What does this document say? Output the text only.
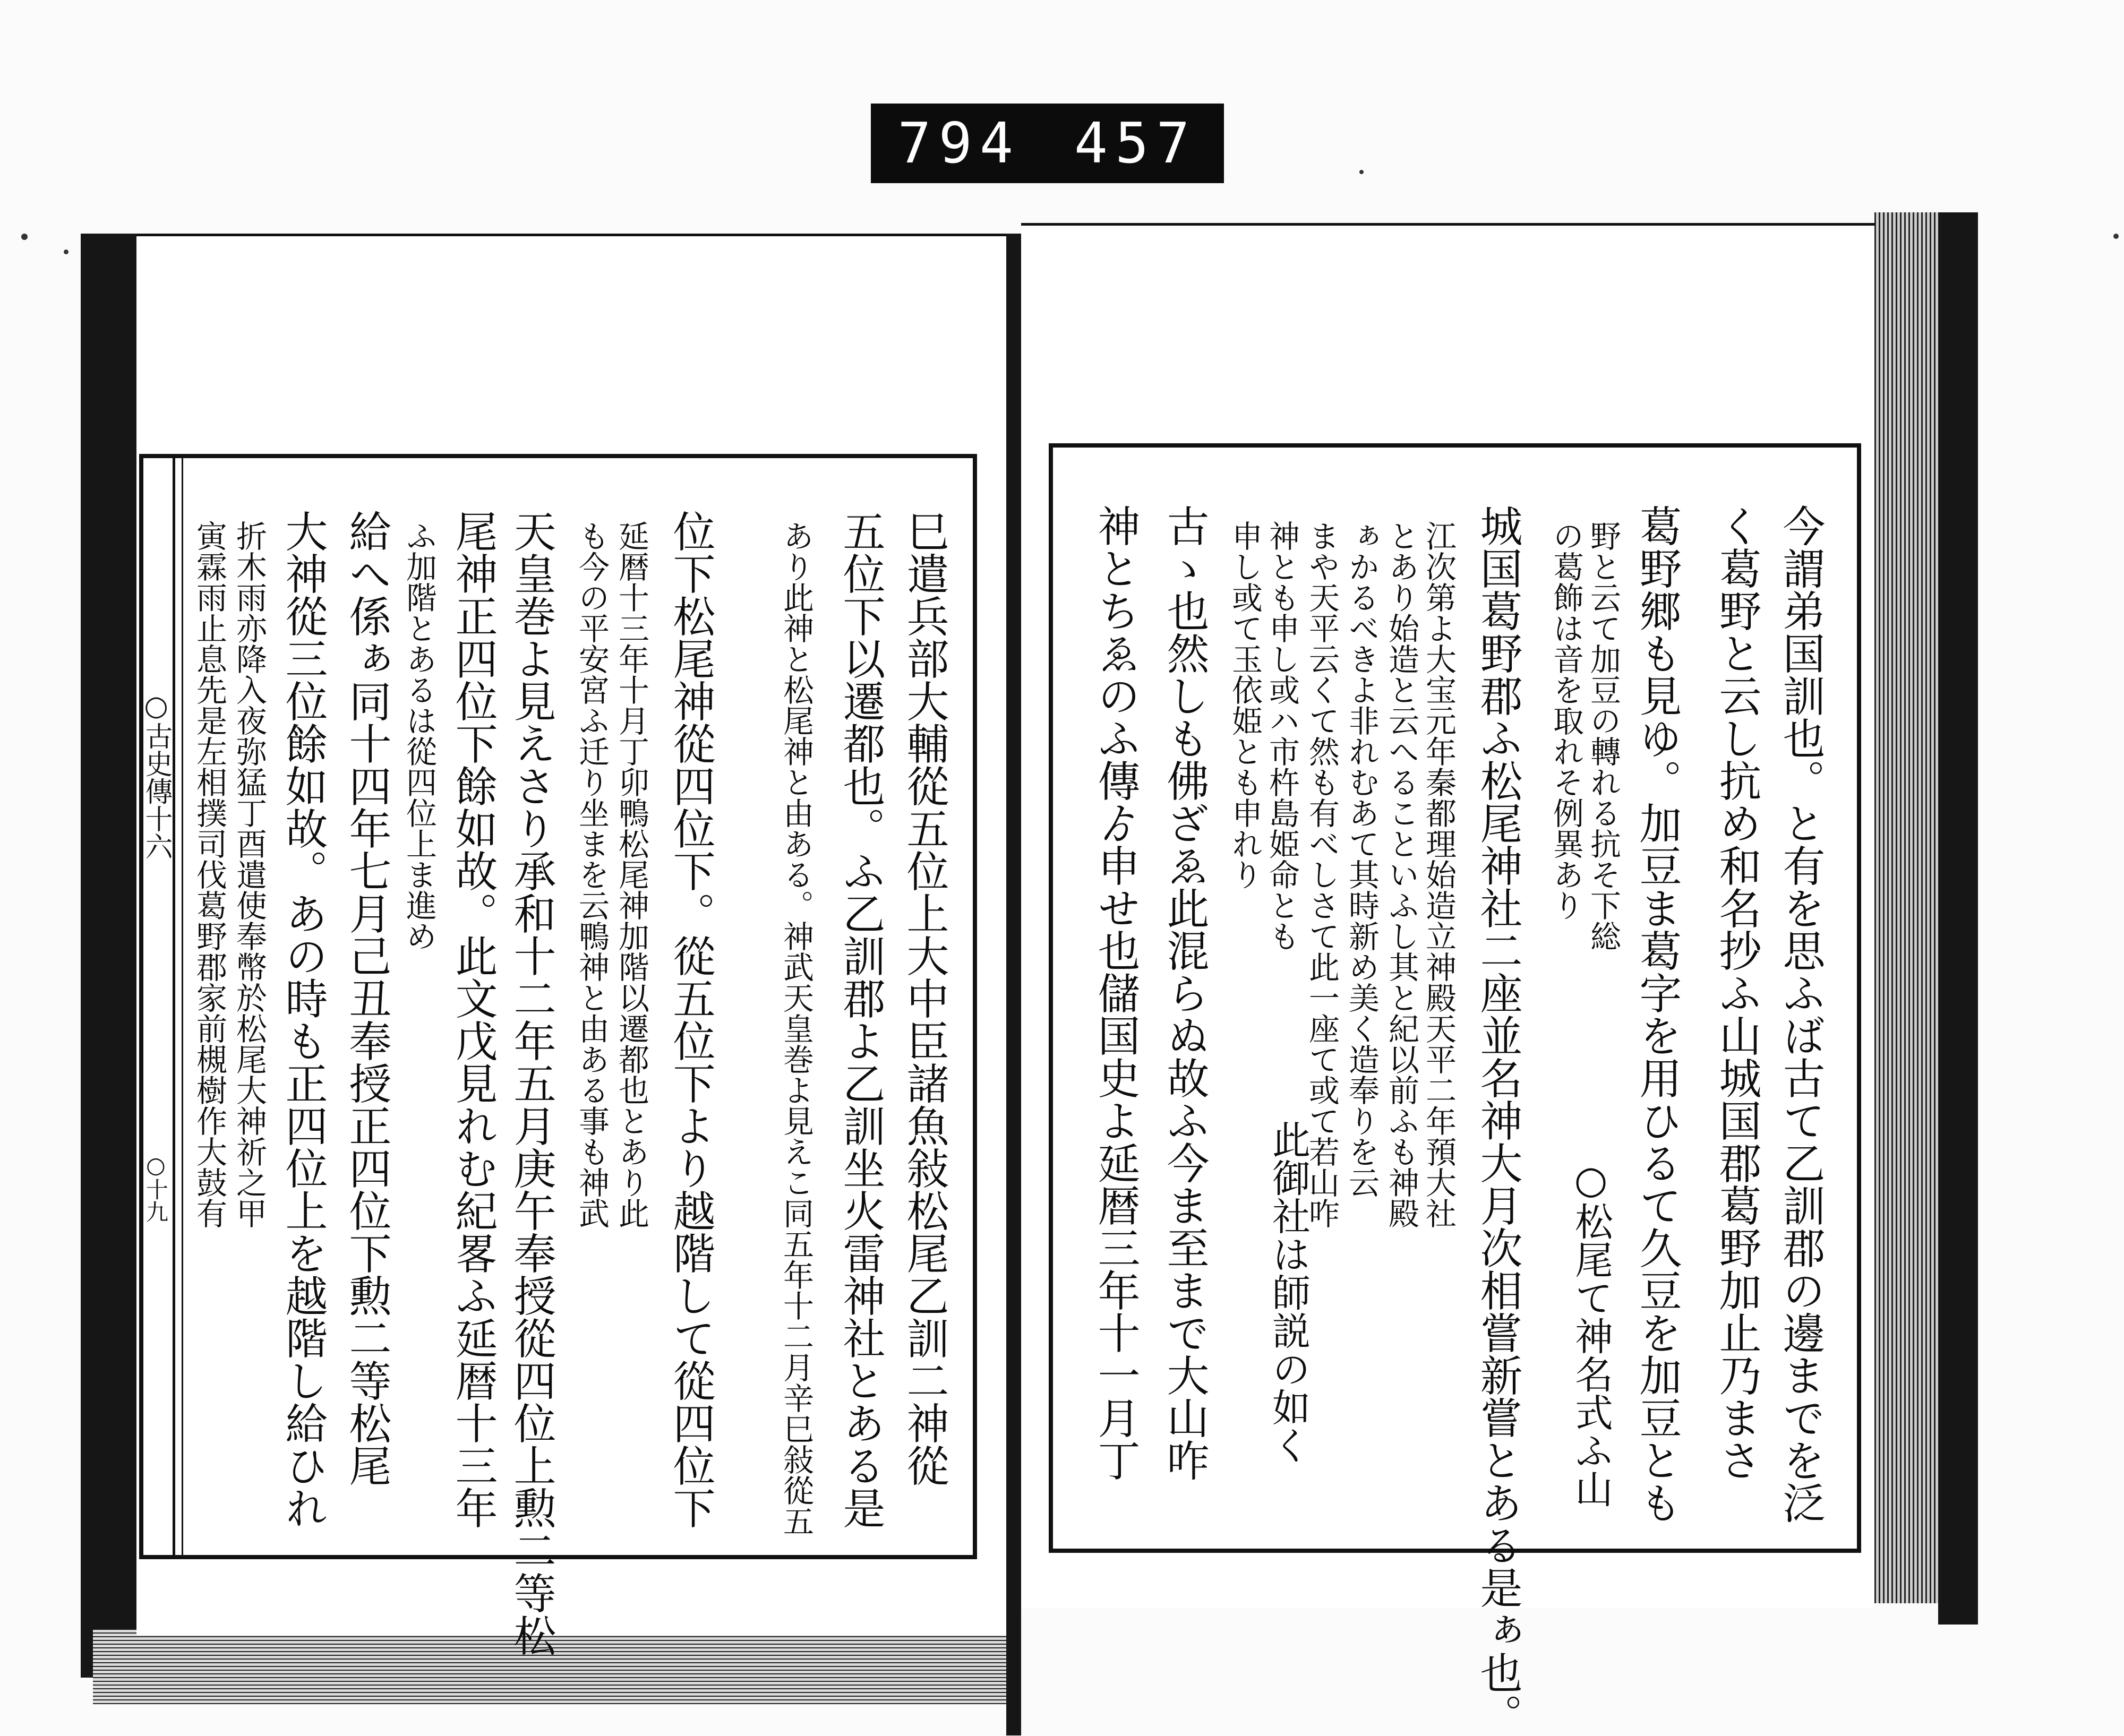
794 457
○古史傳十六
○十九	巳遣兵部大輔從五位上大中臣諸魚敍松尾乙訓二神從
五位下以遷都也。ふ乙訓郡よ乙訓坐火雷神社とある是
あり此神と松尾神と由ある。神武天皇巻よ見えこ同五年十二月辛巳敍從五
位下松尾神從四位下。從五位下より越階して從四位下
延暦十三年十月丁卯鴨松尾神加階以遷都也とあり此
も今の平安宮ふ迁り坐まを云鴨神と由ある事も神武
天皇巻よ見えさり承和十二年五月庚午奉授從四位上勲二等松
尾神正四位下餘如故。此文戊見れむ紀畧ふ延暦十三年
ふ加階とあるは從四位上ま進め
給へ係ぁ同十四年七月己丑奉授正四位下勲二等松尾
大神從三位餘如故。あの時も正四位上を越階し給ひれ
折木雨亦降入夜弥猛丁酉遣使奉幣於松尾大神祈之甲
寅霖雨止息先是左相撲司伐葛野郡家前槻樹作大鼓有	今謂弟国訓也。と有を思ふば古て乙訓郡の邊までを泛
く葛野と云し抗め和名抄ふ山城国郡葛野加止乃まさ
葛野郷も見ゆ。加豆ま葛字を用ひるて久豆を加豆とも
野と云て加豆の轉れる抗そ下総
の葛飾は音を取れそ例異あり
城国葛野郡ふ松尾神社二座並名神大月次相嘗新嘗とある是ぁ也。
江次第よ大宝元年秦都理始造立神殿天平二年預大社
とあり始造と云へることいふし其と紀以前ふも神殿
ぁかるべきよ非れむあて其時新め美く造奉りを云
まや天平云くて然も有べしさて此一座て或て若山咋
神とも申し或ハ市杵島姫命とも
申し或て玉依姫とも申れり
古ゝ也然しも佛ざゑ此混らぬ故ふ今ま至まで大山咋
神とちゑのふ傳ゟ申せ也儲国史よ延暦三年十一月丁	○松尾て神名式ふ山
此御社は師説の如く
